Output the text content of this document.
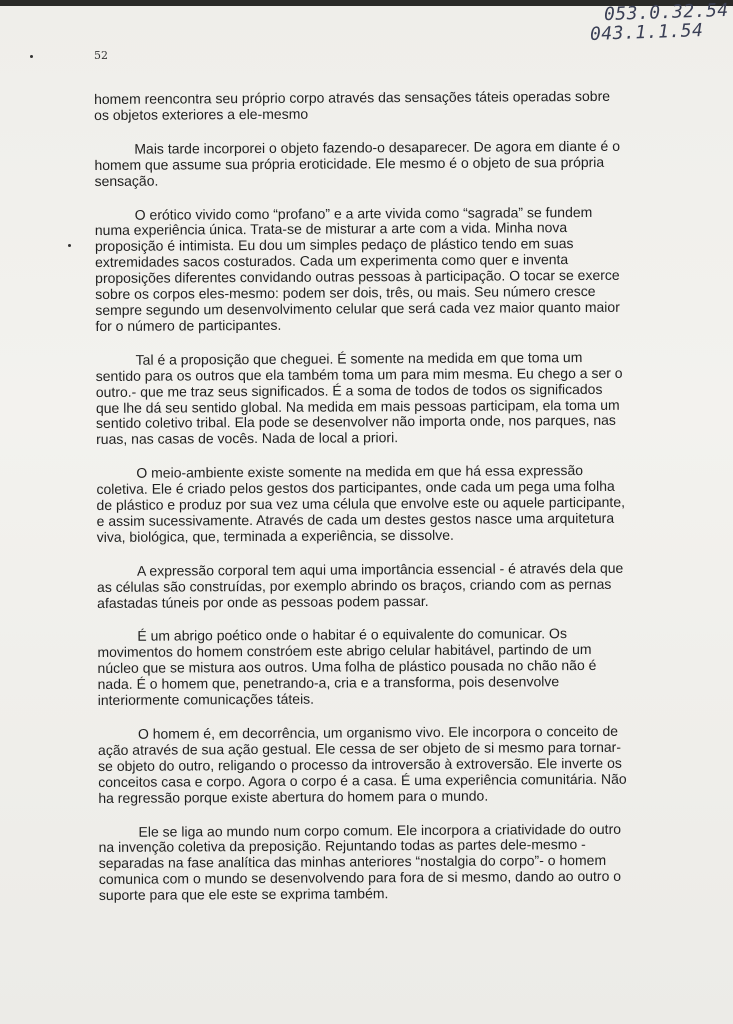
053.0.32.54
043.1.1.54
52

homem reencontra seu próprio corpo através das sensações táteis operadas sobre os objetos exteriores a ele-mesmo

Mais tarde incorporei o objeto fazendo-o desaparecer. De agora em diante é o homem que assume sua própria eroticidade. Ele mesmo é o objeto de sua própria sensação.

O erótico vivido como “profano” e a arte vivida como “sagrada” se fundem numa experiência única. Trata-se de misturar a arte com a vida. Minha nova proposição é intimista. Eu dou um simples pedaço de plástico tendo em suas extremidades sacos costurados. Cada um experimenta como quer e inventa proposições diferentes convidando outras pessoas à participação. O tocar se exerce sobre os corpos eles-mesmo: podem ser dois, três, ou mais. Seu número cresce sempre segundo um desenvolvimento celular que será cada vez maior quanto maior for o número de participantes.

Tal é a proposição que cheguei. É somente na medida em que toma um sentido para os outros que ela também toma um para mim mesma. Eu chego a ser o outro.- que me traz seus significados. É a soma de todos de todos os significados que lhe dá seu sentido global. Na medida em mais pessoas participam, ela toma um sentido coletivo tribal. Ela pode se desenvolver não importa onde, nos parques, nas ruas, nas casas de vocês. Nada de local a priori.

O meio-ambiente existe somente na medida em que há essa expressão coletiva. Ele é criado pelos gestos dos participantes, onde cada um pega uma folha de plástico e produz por sua vez uma célula que envolve este ou aquele participante, e assim sucessivamente. Através de cada um destes gestos nasce uma arquitetura viva, biológica, que, terminada a experiência, se dissolve.

A expressão corporal tem aqui uma importância essencial - é através dela que as células são construídas, por exemplo abrindo os braços, criando com as pernas afastadas túneis por onde as pessoas podem passar.

É um abrigo poético onde o habitar é o equivalente do comunicar. Os movimentos do homem constróem este abrigo celular habitável, partindo de um núcleo que se mistura aos outros. Uma folha de plástico pousada no chão não é nada. É o homem que, penetrando-a, cria e a transforma, pois desenvolve interiormente comunicações táteis.

O homem é, em decorrência, um organismo vivo. Ele incorpora o conceito de ação através de sua ação gestual. Ele cessa de ser objeto de si mesmo para tornar-se objeto do outro, religando o processo da introversão à extroversão. Ele inverte os conceitos casa e corpo. Agora o corpo é a casa. É uma experiência comunitária. Não ha regressão porque existe abertura do homem para o mundo.

Ele se liga ao mundo num corpo comum. Ele incorpora a criatividade do outro na invenção coletiva da preposição. Rejuntando todas as partes dele-mesmo - separadas na fase analítica das minhas anteriores “nostalgia do corpo”- o homem comunica com o mundo se desenvolvendo para fora de si mesmo, dando ao outro o suporte para que ele este se exprima também.
